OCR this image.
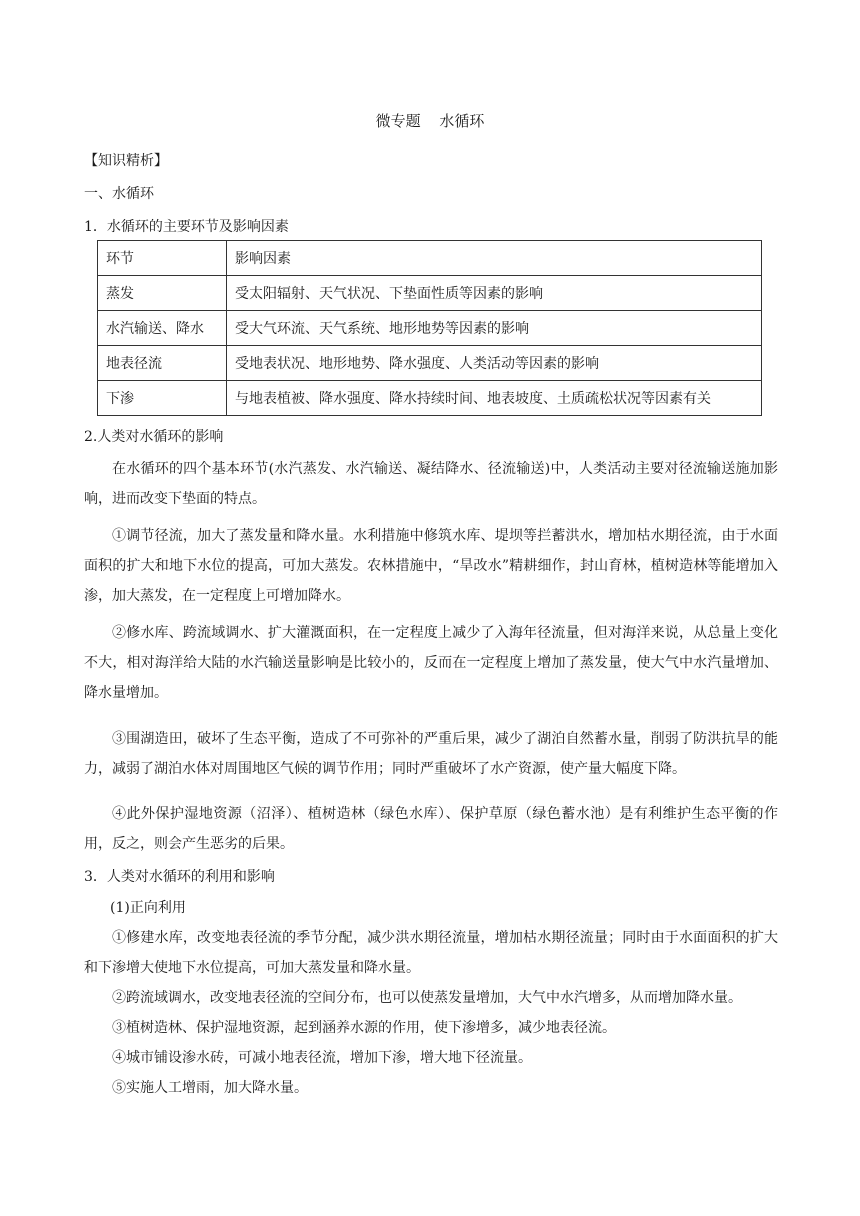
微专题 水循环
【知识精析】
一、水循环
1．水循环的主要环节及影响因素
环节	影响因素
蒸发	受太阳辐射、天气状况、下垫面性质等因素的影响
水汽输送、降水	受大气环流、天气系统、地形地势等因素的影响
地表径流	受地表状况、地形地势、降水强度、人类活动等因素的影响
下渗	与地表植被、降水强度、降水持续时间、地表坡度、土质疏松状况等因素有关
2.人类对水循环的影响

在水循环的四个基本环节(水汽蒸发、水汽输送、凝结降水、径流输送)中，人类活动主要对径流输送施加影响，进而改变下垫面的特点。

①调节径流，加大了蒸发量和降水量。水利措施中修筑水库、堤坝等拦蓄洪水，增加枯水期径流，由于水面面积的扩大和地下水位的提高，可加大蒸发。农林措施中，“旱改水”精耕细作，封山育林，植树造林等能增加入渗，加大蒸发，在一定程度上可增加降水。

②修水库、跨流域调水、扩大灌溉面积，在一定程度上减少了入海年径流量，但对海洋来说，从总量上变化不大，相对海洋给大陆的水汽输送量影响是比较小的，反而在一定程度上增加了蒸发量，使大气中水汽量增加、降水量增加。

③围湖造田，破坏了生态平衡，造成了不可弥补的严重后果，减少了湖泊自然蓄水量，削弱了防洪抗旱的能力，减弱了湖泊水体对周围地区气候的调节作用；同时严重破坏了水产资源，使产量大幅度下降。

④此外保护湿地资源（沼泽）、植树造林（绿色水库）、保护草原（绿色蓄水池）是有利维护生态平衡的作用，反之，则会产生恶劣的后果。

3．人类对水循环的利用和影响
(1)正向利用

①修建水库，改变地表径流的季节分配，减少洪水期径流量，增加枯水期径流量；同时由于水面面积的扩大和下渗增大使地下水位提高，可加大蒸发量和降水量。

②跨流域调水，改变地表径流的空间分布，也可以使蒸发量增加，大气中水汽增多，从而增加降水量。

③植树造林、保护湿地资源，起到涵养水源的作用，使下渗增多，减少地表径流。

④城市铺设渗水砖，可减小地表径流，增加下渗，增大地下径流量。

⑤实施人工增雨，加大降水量。
